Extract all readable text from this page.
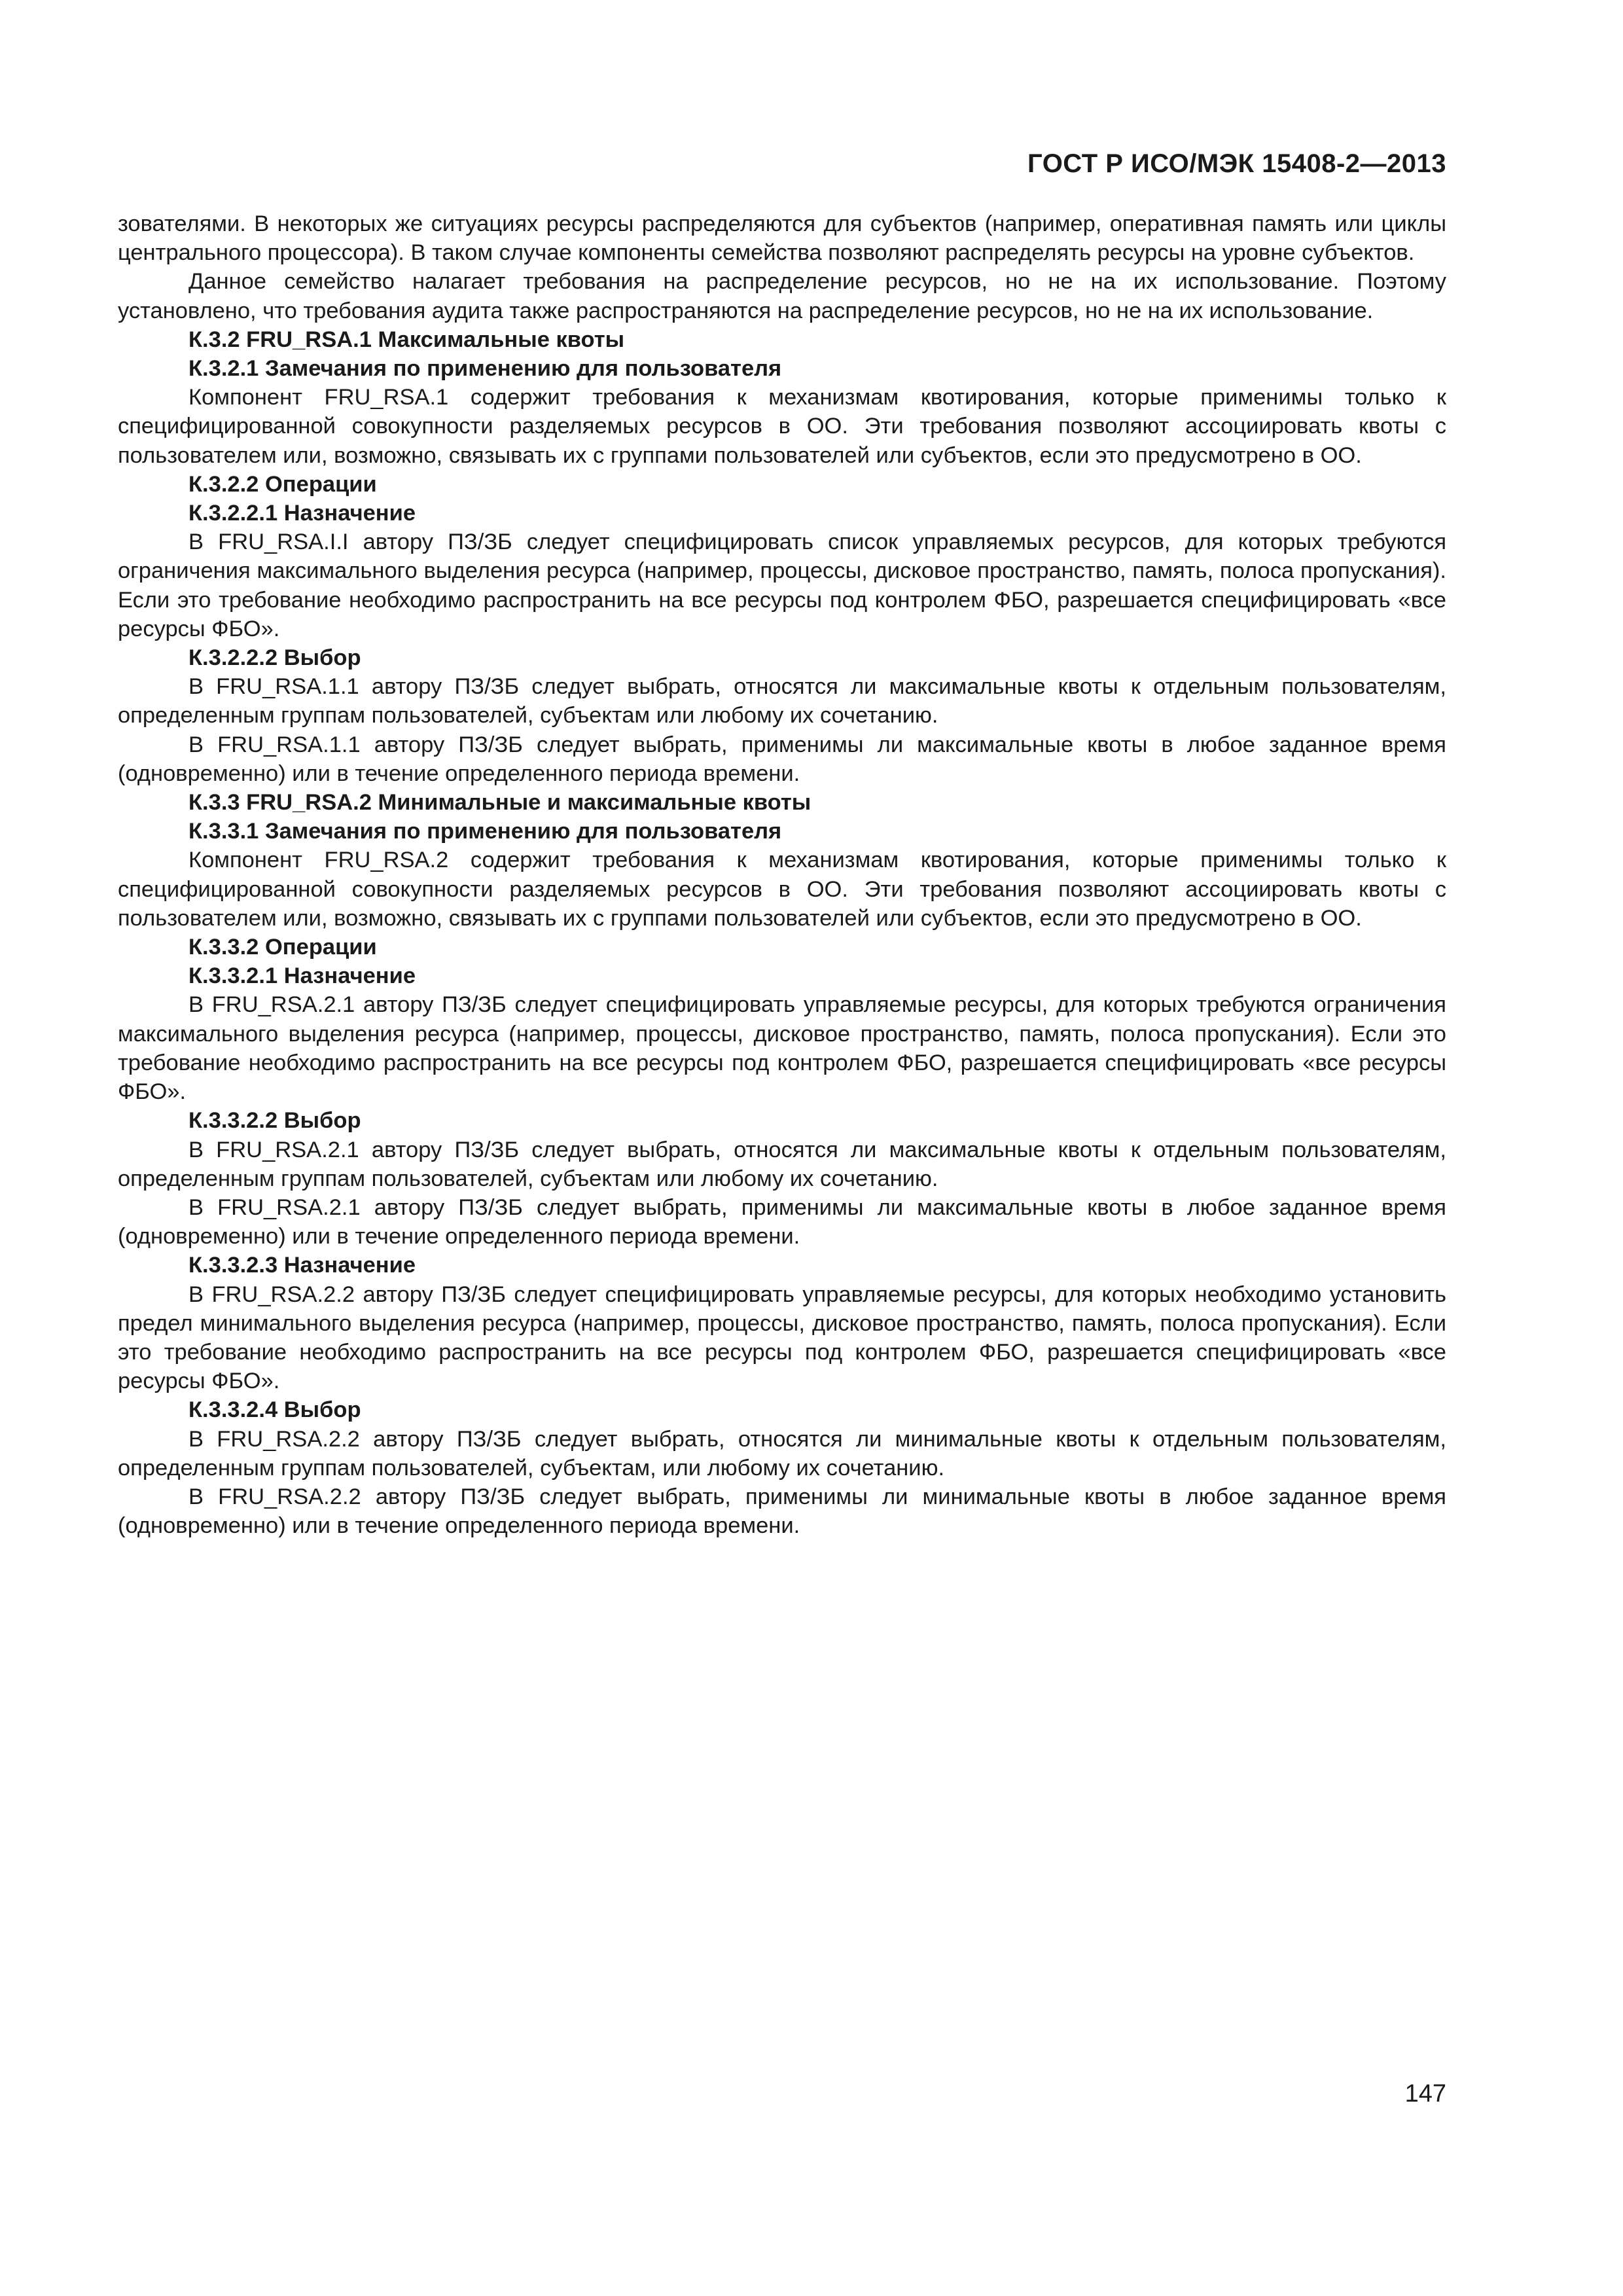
ГОСТ Р ИСО/МЭК 15408-2—2013

зователями. В некоторых же ситуациях ресурсы распределяются для субъектов (например, оперативная память или циклы центрального процессора). В таком случае компоненты семейства позволяют распределять ресурсы на уровне субъектов.

Данное семейство налагает требования на распределение ресурсов, но не на их использование. Поэтому установлено, что требования аудита также распространяются на распределение ресурсов, но не на их использование.

К.3.2 FRU_RSA.1 Максимальные квоты
К.3.2.1 Замечания по применению для пользователя

Компонент FRU_RSA.1 содержит требования к механизмам квотирования, которые применимы только к специфицированной совокупности разделяемых ресурсов в ОО. Эти требования позволяют ассоциировать квоты с пользователем или, возможно, связывать их с группами пользователей или субъектов, если это предусмотрено в ОО.

К.3.2.2 Операции
К.3.2.2.1 Назначение

В FRU_RSA.I.I автору ПЗ/ЗБ следует специфицировать список управляемых ресурсов, для которых требуются ограничения максимального выделения ресурса (например, процессы, дисковое пространство, память, полоса пропускания). Если это требование необходимо распространить на все ресурсы под контролем ФБО, разрешается специфицировать «все ресурсы ФБО».

К.3.2.2.2 Выбор

В FRU_RSA.1.1 автору ПЗ/ЗБ следует выбрать, относятся ли максимальные квоты к отдельным пользователям, определенным группам пользователей, субъектам или любому их сочетанию.

В FRU_RSA.1.1 автору ПЗ/ЗБ следует выбрать, применимы ли максимальные квоты в любое заданное время (одновременно) или в течение определенного периода времени.

К.3.3 FRU_RSA.2 Минимальные и максимальные квоты
К.3.3.1 Замечания по применению для пользователя

Компонент FRU_RSA.2 содержит требования к механизмам квотирования, которые применимы только к специфицированной совокупности разделяемых ресурсов в ОО. Эти требования позволяют ассоциировать квоты с пользователем или, возможно, связывать их с группами пользователей или субъектов, если это предусмотрено в ОО.

К.3.3.2 Операции
К.3.3.2.1 Назначение

В FRU_RSA.2.1 автору ПЗ/ЗБ следует специфицировать управляемые ресурсы, для которых требуются ограничения максимального выделения ресурса (например, процессы, дисковое пространство, память, полоса пропускания). Если это требование необходимо распространить на все ресурсы под контролем ФБО, разрешается специфицировать «все ресурсы ФБО».

К.3.3.2.2 Выбор

В FRU_RSA.2.1 автору ПЗ/ЗБ следует выбрать, относятся ли максимальные квоты к отдельным пользователям, определенным группам пользователей, субъектам или любому их сочетанию.

В FRU_RSA.2.1 автору ПЗ/ЗБ следует выбрать, применимы ли максимальные квоты в любое заданное время (одновременно) или в течение определенного периода времени.

К.3.3.2.3 Назначение

В FRU_RSA.2.2 автору ПЗ/ЗБ следует специфицировать управляемые ресурсы, для которых необходимо установить предел минимального выделения ресурса (например, процессы, дисковое пространство, память, полоса пропускания). Если это требование необходимо распространить на все ресурсы под контролем ФБО, разрешается специфицировать «все ресурсы ФБО».

К.3.3.2.4 Выбор

В FRU_RSA.2.2 автору ПЗ/ЗБ следует выбрать, относятся ли минимальные квоты к отдельным пользователям, определенным группам пользователей, субъектам, или любому их сочетанию.

В FRU_RSA.2.2 автору ПЗ/ЗБ следует выбрать, применимы ли минимальные квоты в любое заданное время (одновременно) или в течение определенного периода времени.

147
